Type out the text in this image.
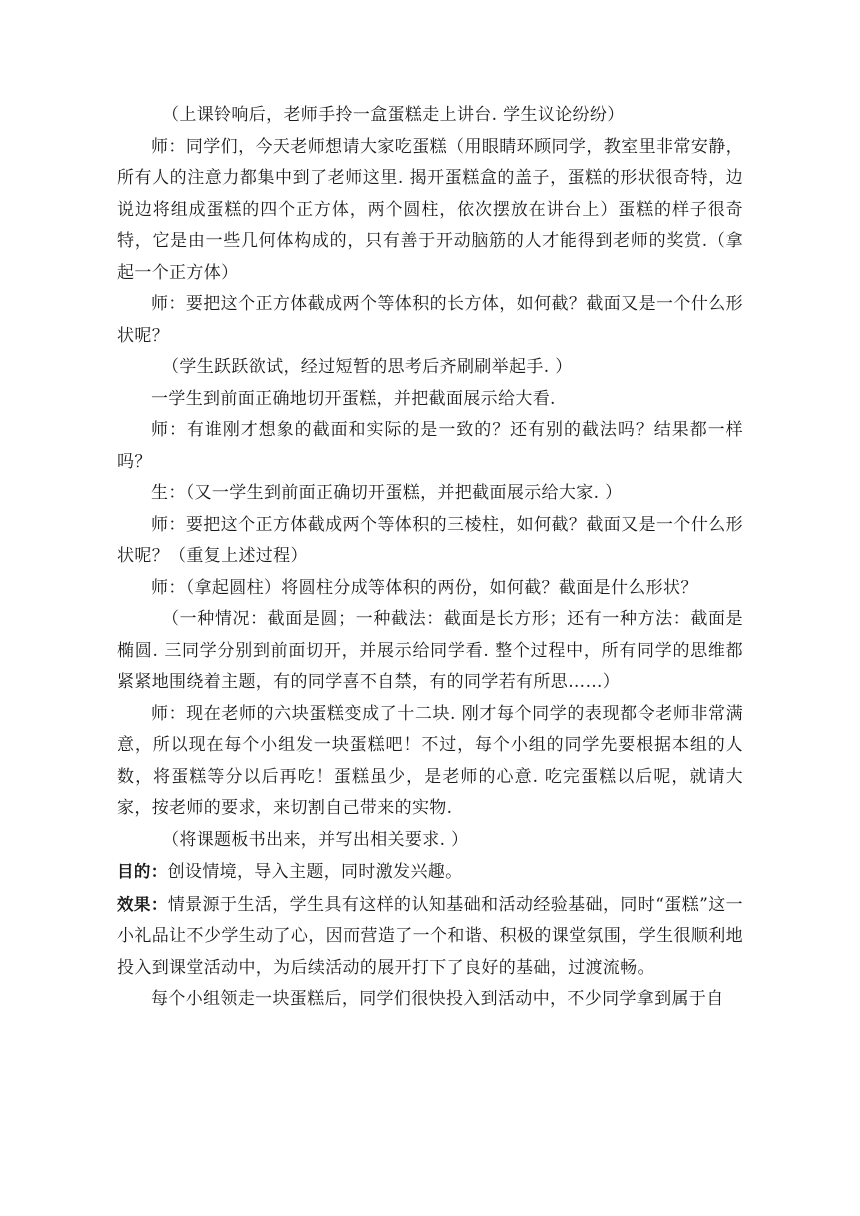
（上课铃响后，老师手拎一盒蛋糕走上讲台. 学生议论纷纷）

师：同学们，今天老师想请大家吃蛋糕（用眼睛环顾同学，教室里非常安静，所有人的注意力都集中到了老师这里. 揭开蛋糕盒的盖子，蛋糕的形状很奇特，边说边将组成蛋糕的四个正方体，两个圆柱，依次摆放在讲台上）蛋糕的样子很奇特，它是由一些几何体构成的，只有善于开动脑筋的人才能得到老师的奖赏.（拿起一个正方体）

师：要把这个正方体截成两个等体积的长方体，如何截？截面又是一个什么形状呢？

（学生跃跃欲试，经过短暂的思考后齐刷刷举起手. ）

一学生到前面正确地切开蛋糕，并把截面展示给大看.

师：有谁刚才想象的截面和实际的是一致的？还有别的截法吗？结果都一样吗？

生：（又一学生到前面正确切开蛋糕，并把截面展示给大家. ）

师：要把这个正方体截成两个等体积的三棱柱，如何截？截面又是一个什么形状呢？（重复上述过程）

师：（拿起圆柱）将圆柱分成等体积的两份，如何截？截面是什么形状？

（一种情况：截面是圆；一种截法：截面是长方形；还有一种方法：截面是椭圆. 三同学分别到前面切开，并展示给同学看. 整个过程中，所有同学的思维都紧紧地围绕着主题，有的同学喜不自禁，有的同学若有所思……）

师：现在老师的六块蛋糕变成了十二块. 刚才每个同学的表现都令老师非常满意，所以现在每个小组发一块蛋糕吧！不过，每个小组的同学先要根据本组的人数，将蛋糕等分以后再吃！蛋糕虽少，是老师的心意. 吃完蛋糕以后呢，就请大家，按老师的要求，来切割自己带来的实物.

（将课题板书出来，并写出相关要求. ）

目的：创设情境，导入主题，同时激发兴趣。

效果：情景源于生活，学生具有这样的认知基础和活动经验基础，同时“蛋糕”这一小礼品让不少学生动了心，因而营造了一个和谐、积极的课堂氛围，学生很顺利地投入到课堂活动中，为后续活动的展开打下了良好的基础，过渡流畅。

每个小组领走一块蛋糕后，同学们很快投入到活动中，不少同学拿到属于自
